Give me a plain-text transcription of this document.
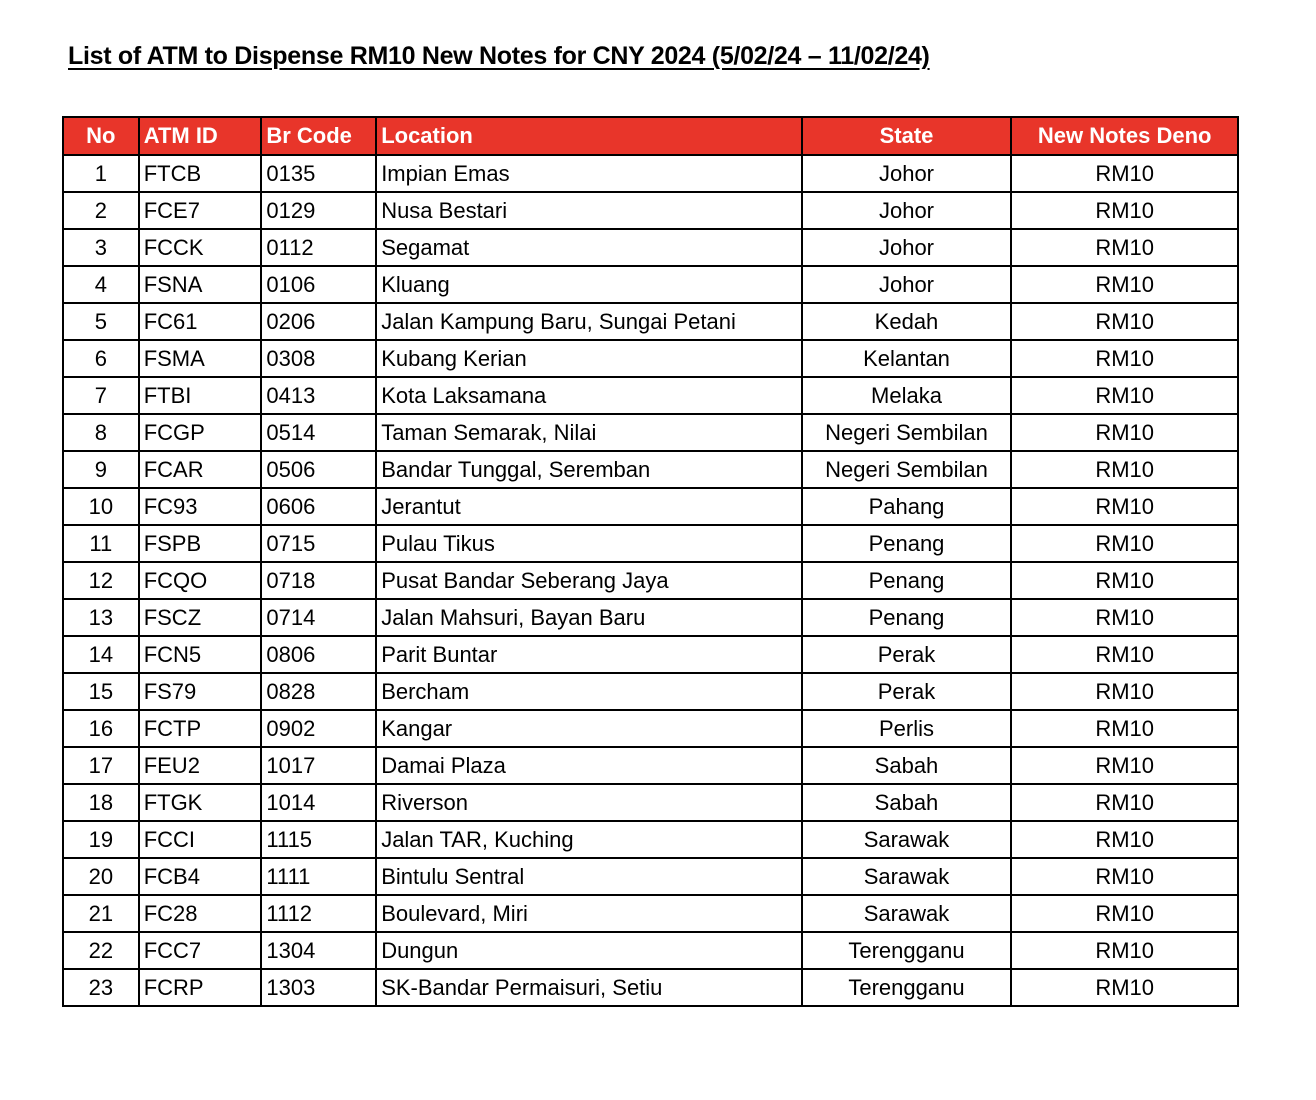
List of ATM to Dispense RM10 New Notes for CNY 2024 (5/02/24 – 11/02/24)
No	ATM ID	Br Code	Location	State	New Notes Deno
1	FTCB	0135	Impian Emas	Johor	RM10
2	FCE7	0129	Nusa Bestari	Johor	RM10
3	FCCK	0112	Segamat	Johor	RM10
4	FSNA	0106	Kluang	Johor	RM10
5	FC61	0206	Jalan Kampung Baru, Sungai Petani	Kedah	RM10
6	FSMA	0308	Kubang Kerian	Kelantan	RM10
7	FTBI	0413	Kota Laksamana	Melaka	RM10
8	FCGP	0514	Taman Semarak, Nilai	Negeri Sembilan	RM10
9	FCAR	0506	Bandar Tunggal, Seremban	Negeri Sembilan	RM10
10	FC93	0606	Jerantut	Pahang	RM10
11	FSPB	0715	Pulau Tikus	Penang	RM10
12	FCQO	0718	Pusat Bandar Seberang Jaya	Penang	RM10
13	FSCZ	0714	Jalan Mahsuri, Bayan Baru	Penang	RM10
14	FCN5	0806	Parit Buntar	Perak	RM10
15	FS79	0828	Bercham	Perak	RM10
16	FCTP	0902	Kangar	Perlis	RM10
17	FEU2	1017	Damai Plaza	Sabah	RM10
18	FTGK	1014	Riverson	Sabah	RM10
19	FCCI	1115	Jalan TAR, Kuching	Sarawak	RM10
20	FCB4	1111	Bintulu Sentral	Sarawak	RM10
21	FC28	1112	Boulevard, Miri	Sarawak	RM10
22	FCC7	1304	Dungun	Terengganu	RM10
23	FCRP	1303	SK-Bandar Permaisuri, Setiu	Terengganu	RM10
